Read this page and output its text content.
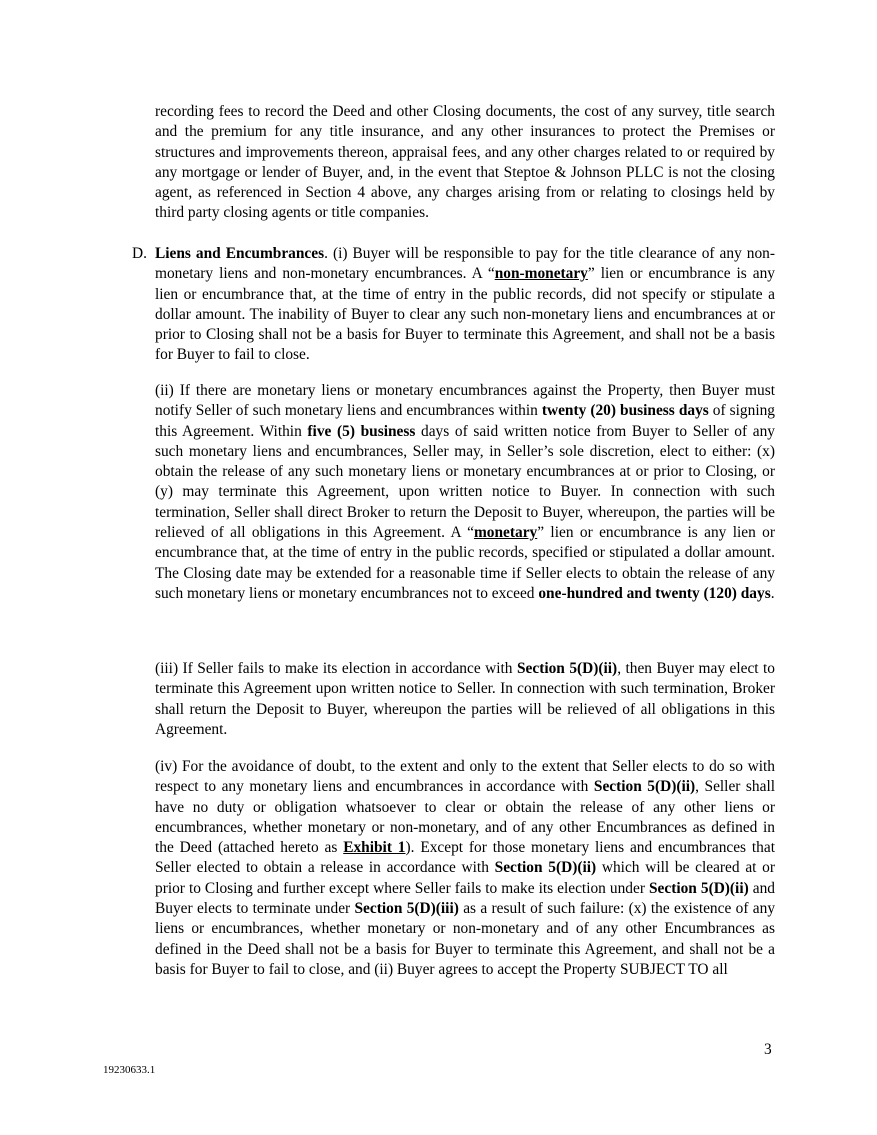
recording fees to record the Deed and other Closing documents, the cost of any survey, title search and the premium for any title insurance, and any other insurances to protect the Premises or structures and improvements thereon, appraisal fees, and any other charges related to or required by any mortgage or lender of Buyer, and, in the event that Steptoe & Johnson PLLC is not the closing agent, as referenced in Section 4 above, any charges arising from or relating to closings held by third party closing agents or title companies.

D. Liens and Encumbrances. (i) Buyer will be responsible to pay for the title clearance of any non-monetary liens and non-monetary encumbrances. A “non-monetary” lien or encumbrance is any lien or encumbrance that, at the time of entry in the public records, did not specify or stipulate a dollar amount. The inability of Buyer to clear any such non-monetary liens and encumbrances at or prior to Closing shall not be a basis for Buyer to terminate this Agreement, and shall not be a basis for Buyer to fail to close.

(ii) If there are monetary liens or monetary encumbrances against the Property, then Buyer must notify Seller of such monetary liens and encumbrances within twenty (20) business days of signing this Agreement. Within five (5) business days of said written notice from Buyer to Seller of any such monetary liens and encumbrances, Seller may, in Seller’s sole discretion, elect to either: (x) obtain the release of any such monetary liens or monetary encumbrances at or prior to Closing, or (y) may terminate this Agreement, upon written notice to Buyer. In connection with such termination, Seller shall direct Broker to return the Deposit to Buyer, whereupon, the parties will be relieved of all obligations in this Agreement. A “monetary” lien or encumbrance is any lien or encumbrance that, at the time of entry in the public records, specified or stipulated a dollar amount. The Closing date may be extended for a reasonable time if Seller elects to obtain the release of any such monetary liens or monetary encumbrances not to exceed one-hundred and twenty (120) days.

(iii) If Seller fails to make its election in accordance with Section 5(D)(ii), then Buyer may elect to terminate this Agreement upon written notice to Seller. In connection with such termination, Broker shall return the Deposit to Buyer, whereupon the parties will be relieved of all obligations in this Agreement.

(iv) For the avoidance of doubt, to the extent and only to the extent that Seller elects to do so with respect to any monetary liens and encumbrances in accordance with Section 5(D)(ii), Seller shall have no duty or obligation whatsoever to clear or obtain the release of any other liens or encumbrances, whether monetary or non-monetary, and of any other Encumbrances as defined in the Deed (attached hereto as Exhibit 1). Except for those monetary liens and encumbrances that Seller elected to obtain a release in accordance with Section 5(D)(ii) which will be cleared at or prior to Closing and further except where Seller fails to make its election under Section 5(D)(ii) and Buyer elects to terminate under Section 5(D)(iii) as a result of such failure: (x) the existence of any liens or encumbrances, whether monetary or non-monetary and of any other Encumbrances as defined in the Deed shall not be a basis for Buyer to terminate this Agreement, and shall not be a basis for Buyer to fail to close, and (ii) Buyer agrees to accept the Property SUBJECT TO all

3
19230633.1
